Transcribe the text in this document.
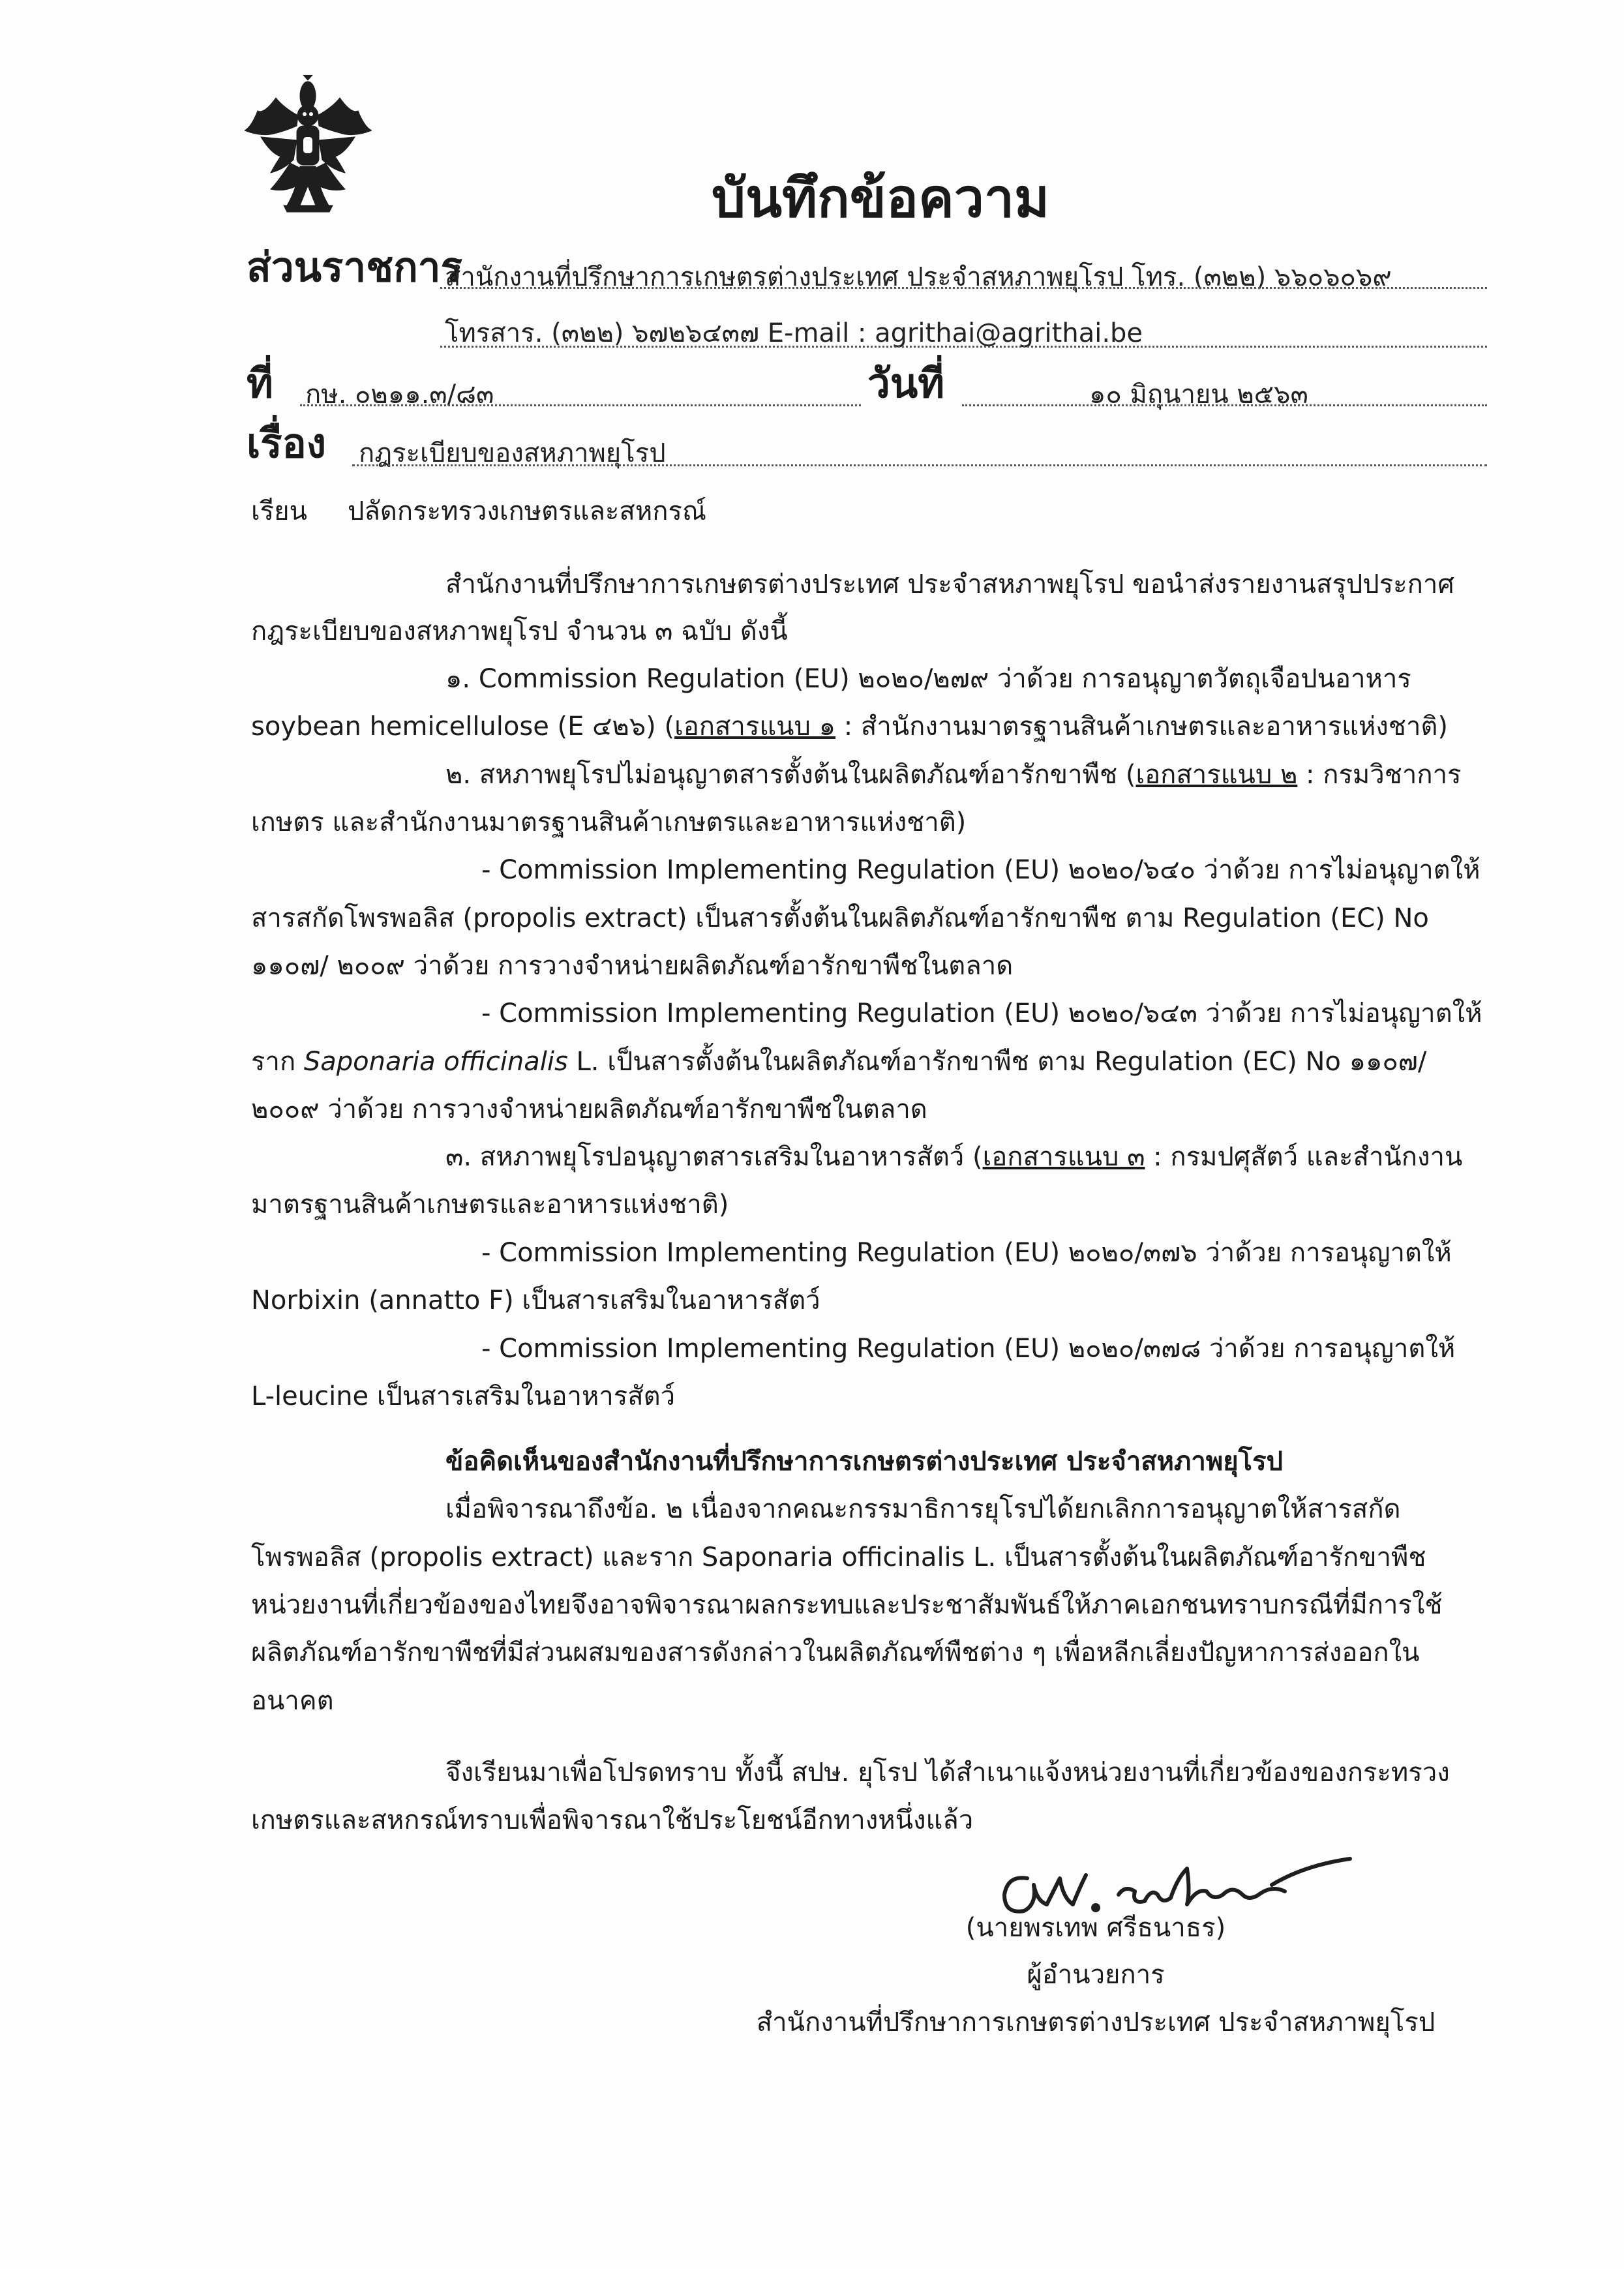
บันทึกข้อความ
ส่วนราชการ
สำนักงานที่ปรึกษาการเกษตรต่างประเทศ ประจำสหภาพยุโรป โทร. (๓๒๒) ๖๖๐๖๐๖๙
โทรสาร. (๓๒๒) ๖๗๒๖๔๓๗ E-mail : agrithai@agrithai.be
ที่ กษ. ๐๒๑๑.๓/๘๓	วันที่	๑๐ มิถุนายน ๒๕๖๓
เรื่อง กฎระเบียบของสหภาพยุโรป
เรียน ปลัดกระทรวงเกษตรและสหกรณ์
สำนักงานที่ปรึกษาการเกษตรต่างประเทศ ประจำสหภาพยุโรป ขอนำส่งรายงานสรุปประกาศ
กฎระเบียบของสหภาพยุโรป จำนวน ๓ ฉบับ ดังนี้
๑. Commission Regulation (EU) ๒๐๒๐/๒๗๙ ว่าด้วย การอนุญาตวัตถุเจือปนอาหาร
soybean hemicellulose (E ๔๒๖) (เอกสารแนบ ๑ : สำนักงานมาตรฐานสินค้าเกษตรและอาหารแห่งชาติ)
๒. สหภาพยุโรปไม่อนุญาตสารตั้งต้นในผลิตภัณฑ์อารักขาพืช (เอกสารแนบ ๒ : กรมวิชาการ
เกษตร และสำนักงานมาตรฐานสินค้าเกษตรและอาหารแห่งชาติ)
- Commission Implementing Regulation (EU) ๒๐๒๐/๖๔๐ ว่าด้วย การไม่อนุญาตให้
สารสกัดโพรพอลิส (propolis extract) เป็นสารตั้งต้นในผลิตภัณฑ์อารักขาพืช ตาม Regulation (EC) No
๑๑๐๗/ ๒๐๐๙ ว่าด้วย การวางจำหน่ายผลิตภัณฑ์อารักขาพืชในตลาด
- Commission Implementing Regulation (EU) ๒๐๒๐/๖๔๓ ว่าด้วย การไม่อนุญาตให้
ราก Saponaria officinalis L. เป็นสารตั้งต้นในผลิตภัณฑ์อารักขาพืช ตาม Regulation (EC) No ๑๑๐๗/
๒๐๐๙ ว่าด้วย การวางจำหน่ายผลิตภัณฑ์อารักขาพืชในตลาด
๓. สหภาพยุโรปอนุญาตสารเสริมในอาหารสัตว์ (เอกสารแนบ ๓ : กรมปศุสัตว์ และสำนักงาน
มาตรฐานสินค้าเกษตรและอาหารแห่งชาติ)
- Commission Implementing Regulation (EU) ๒๐๒๐/๓๗๖ ว่าด้วย การอนุญาตให้
Norbixin (annatto F) เป็นสารเสริมในอาหารสัตว์
- Commission Implementing Regulation (EU) ๒๐๒๐/๓๗๘ ว่าด้วย การอนุญาตให้
L-leucine เป็นสารเสริมในอาหารสัตว์
ข้อคิดเห็นของสำนักงานที่ปรึกษาการเกษตรต่างประเทศ ประจำสหภาพยุโรป
เมื่อพิจารณาถึงข้อ. ๒ เนื่องจากคณะกรรมาธิการยุโรปได้ยกเลิกการอนุญาตให้สารสกัด
โพรพอลิส (propolis extract) และราก Saponaria officinalis L. เป็นสารตั้งต้นในผลิตภัณฑ์อารักขาพืช
หน่วยงานที่เกี่ยวข้องของไทยจึงอาจพิจารณาผลกระทบและประชาสัมพันธ์ให้ภาคเอกชนทราบกรณีที่มีการใช้
ผลิตภัณฑ์อารักขาพืชที่มีส่วนผสมของสารดังกล่าวในผลิตภัณฑ์พืชต่าง ๆ เพื่อหลีกเลี่ยงปัญหาการส่งออกใน
อนาคต
จึงเรียนมาเพื่อโปรดทราบ ทั้งนี้ สปษ. ยุโรป ได้สำเนาแจ้งหน่วยงานที่เกี่ยวข้องของกระทรวง
เกษตรและสหกรณ์ทราบเพื่อพิจารณาใช้ประโยชน์อีกทางหนึ่งแล้ว
(นายพรเทพ ศรีธนาธร)
ผู้อำนวยการ
สำนักงานที่ปรึกษาการเกษตรต่างประเทศ ประจำสหภาพยุโรป
